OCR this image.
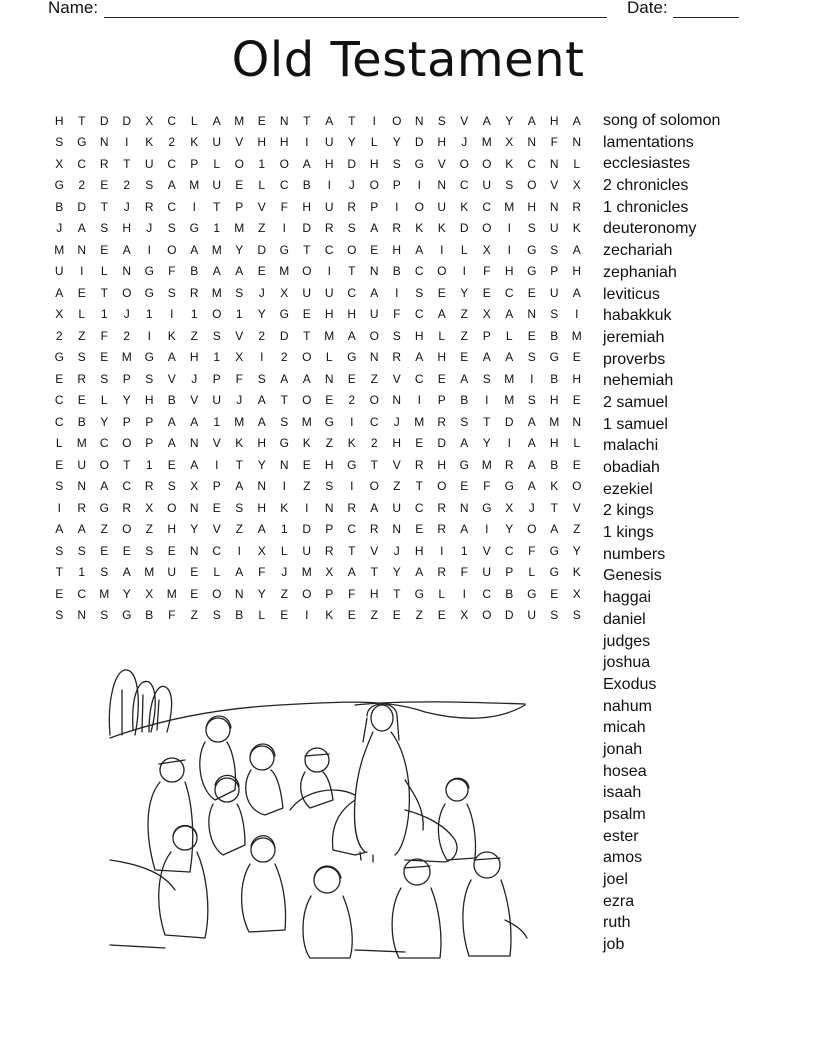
Name:	Date:
Old Testament
H	T	D	D	X	C	L	A	M	E	N	T	A	T	I	O	N	S	V	A	Y	A	H	A
S	G	N	I	K	2	K	U	V	H	H	I	U	Y	L	Y	D	H	J	M	X	N	F	N
X	C	R	T	U	C	P	L	O	1	O	A	H	D	H	S	G	V	O	O	K	C	N	L
G	2	E	2	S	A	M	U	E	L	C	B	I	J	O	P	I	N	C	U	S	O	V	X
B	D	T	J	R	C	I	T	P	V	F	H	U	R	P	I	O	U	K	C	M	H	N	R
J	A	S	H	J	S	G	1	M	Z	I	D	R	S	A	R	K	K	D	O	I	S	U	K
M	N	E	A	I	O	A	M	Y	D	G	T	C	O	E	H	A	I	L	X	I	G	S	A
U	I	L	N	G	F	B	A	A	E	M	O	I	T	N	B	C	O	I	F	H	G	P	H
A	E	T	O	G	S	R	M	S	J	X	U	U	C	A	I	S	E	Y	E	C	E	U	A
X	L	1	J	1	I	1	O	1	Y	G	E	H	H	U	F	C	A	Z	X	A	N	S	I
2	Z	F	2	I	K	Z	S	V	2	D	T	M	A	O	S	H	L	Z	P	L	E	B	M
G	S	E	M	G	A	H	1	X	I	2	O	L	G	N	R	A	H	E	A	A	S	G	E
E	R	S	P	S	V	J	P	F	S	A	A	N	E	Z	V	C	E	A	S	M	I	B	H
C	E	L	Y	H	B	V	U	J	A	T	O	E	2	O	N	I	P	B	I	M	S	H	E
C	B	Y	P	P	A	A	1	M	A	S	M	G	I	C	J	M	R	S	T	D	A	M	N
L	M	C	O	P	A	N	V	K	H	G	K	Z	K	2	H	E	D	A	Y	I	A	H	L
E	U	O	T	1	E	A	I	T	Y	N	E	H	G	T	V	R	H	G	M	R	A	B	E
S	N	A	C	R	S	X	P	A	N	I	Z	S	I	O	Z	T	O	E	F	G	A	K	O
I	R	G	R	X	O	N	E	S	H	K	I	N	R	A	U	C	R	N	G	X	J	T	V
A	A	Z	O	Z	H	Y	V	Z	A	1	D	P	C	R	N	E	R	A	I	Y	O	A	Z
S	S	E	E	S	E	N	C	I	X	L	U	R	T	V	J	H	I	1	V	C	F	G	Y
T	1	S	A	M	U	E	L	A	F	J	M	X	A	T	Y	A	R	F	U	P	L	G	K
E	C	M	Y	X	M	E	O	N	Y	Z	O	P	F	H	T	G	L	I	C	B	G	E	X
S	N	S	G	B	F	Z	S	B	L	E	I	K	E	Z	E	Z	E	X	O	D	U	S	S
song of solomon
lamentations
ecclesiastes
2 chronicles
1 chronicles
deuteronomy
zechariah
zephaniah
leviticus
habakkuk
jeremiah
proverbs
nehemiah
2 samuel
1 samuel
malachi
obadiah
ezekiel
2 kings
1 kings
numbers
Genesis
haggai
daniel
judges
joshua
Exodus
nahum
micah
jonah
hosea
isaah
psalm
ester
amos
joel
ezra
ruth
job
